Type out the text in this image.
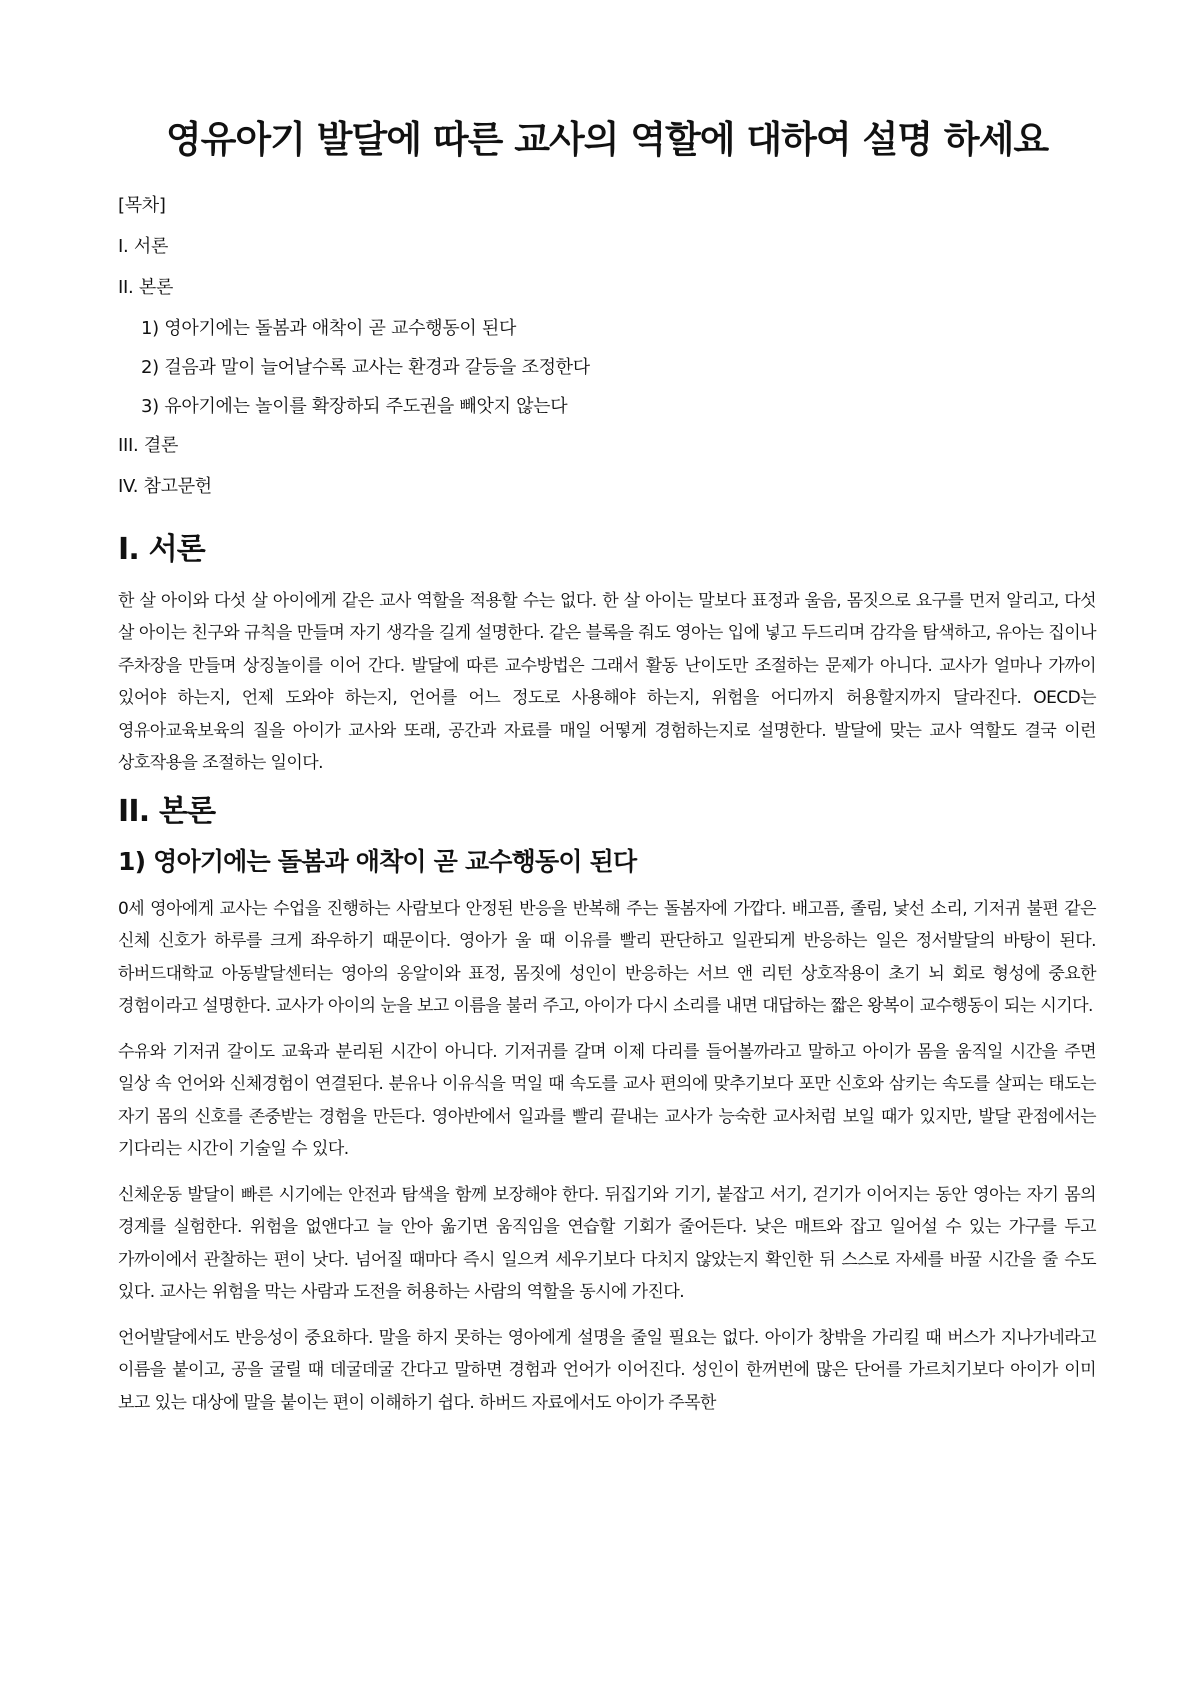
영유아기 발달에 따른 교사의 역할에 대하여 설명 하세요
[목차]
I. 서론
II. 본론
1) 영아기에는 돌봄과 애착이 곧 교수행동이 된다
2) 걸음과 말이 늘어날수록 교사는 환경과 갈등을 조정한다
3) 유아기에는 놀이를 확장하되 주도권을 빼앗지 않는다
III. 결론
IV. 참고문헌
I. 서론

한 살 아이와 다섯 살 아이에게 같은 교사 역할을 적용할 수는 없다. 한 살 아이는 말보다 표정과 울음, 몸짓으로 요구를 먼저 알리고, 다섯 살 아이는 친구와 규칙을 만들며 자기 생각을 길게 설명한다. 같은 블록을 줘도 영아는 입에 넣고 두드리며 감각을 탐색하고, 유아는 집이나 주차장을 만들며 상징놀이를 이어 간다. 발달에 따른 교수방법은 그래서 활동 난이도만 조절하는 문제가 아니다. 교사가 얼마나 가까이 있어야 하는지, 언제 도와야 하는지, 언어를 어느 정도로 사용해야 하는지, 위험을 어디까지 허용할지까지 달라진다. OECD는 영유아교육보육의 질을 아이가 교사와 또래, 공간과 자료를 매일 어떻게 경험하는지로 설명한다. 발달에 맞는 교사 역할도 결국 이런 상호작용을 조절하는 일이다.

II. 본론
1) 영아기에는 돌봄과 애착이 곧 교수행동이 된다

0세 영아에게 교사는 수업을 진행하는 사람보다 안정된 반응을 반복해 주는 돌봄자에 가깝다. 배고픔, 졸림, 낯선 소리, 기저귀 불편 같은 신체 신호가 하루를 크게 좌우하기 때문이다. 영아가 울 때 이유를 빨리 판단하고 일관되게 반응하는 일은 정서발달의 바탕이 된다. 하버드대학교 아동발달센터는 영아의 옹알이와 표정, 몸짓에 성인이 반응하는 서브 앤 리턴 상호작용이 초기 뇌 회로 형성에 중요한 경험이라고 설명한다. 교사가 아이의 눈을 보고 이름을 불러 주고, 아이가 다시 소리를 내면 대답하는 짧은 왕복이 교수행동이 되는 시기다.

수유와 기저귀 갈이도 교육과 분리된 시간이 아니다. 기저귀를 갈며 이제 다리를 들어볼까라고 말하고 아이가 몸을 움직일 시간을 주면 일상 속 언어와 신체경험이 연결된다. 분유나 이유식을 먹일 때 속도를 교사 편의에 맞추기보다 포만 신호와 삼키는 속도를 살피는 태도는 자기 몸의 신호를 존중받는 경험을 만든다. 영아반에서 일과를 빨리 끝내는 교사가 능숙한 교사처럼 보일 때가 있지만, 발달 관점에서는 기다리는 시간이 기술일 수 있다.

신체운동 발달이 빠른 시기에는 안전과 탐색을 함께 보장해야 한다. 뒤집기와 기기, 붙잡고 서기, 걷기가 이어지는 동안 영아는 자기 몸의 경계를 실험한다. 위험을 없앤다고 늘 안아 옮기면 움직임을 연습할 기회가 줄어든다. 낮은 매트와 잡고 일어설 수 있는 가구를 두고 가까이에서 관찰하는 편이 낫다. 넘어질 때마다 즉시 일으켜 세우기보다 다치지 않았는지 확인한 뒤 스스로 자세를 바꿀 시간을 줄 수도 있다. 교사는 위험을 막는 사람과 도전을 허용하는 사람의 역할을 동시에 가진다.

언어발달에서도 반응성이 중요하다. 말을 하지 못하는 영아에게 설명을 줄일 필요는 없다. 아이가 창밖을 가리킬 때 버스가 지나가네라고 이름을 붙이고, 공을 굴릴 때 데굴데굴 간다고 말하면 경험과 언어가 이어진다. 성인이 한꺼번에 많은 단어를 가르치기보다 아이가 이미 보고 있는 대상에 말을 붙이는 편이 이해하기 쉽다. 하버드 자료에서도 아이가 주목한
